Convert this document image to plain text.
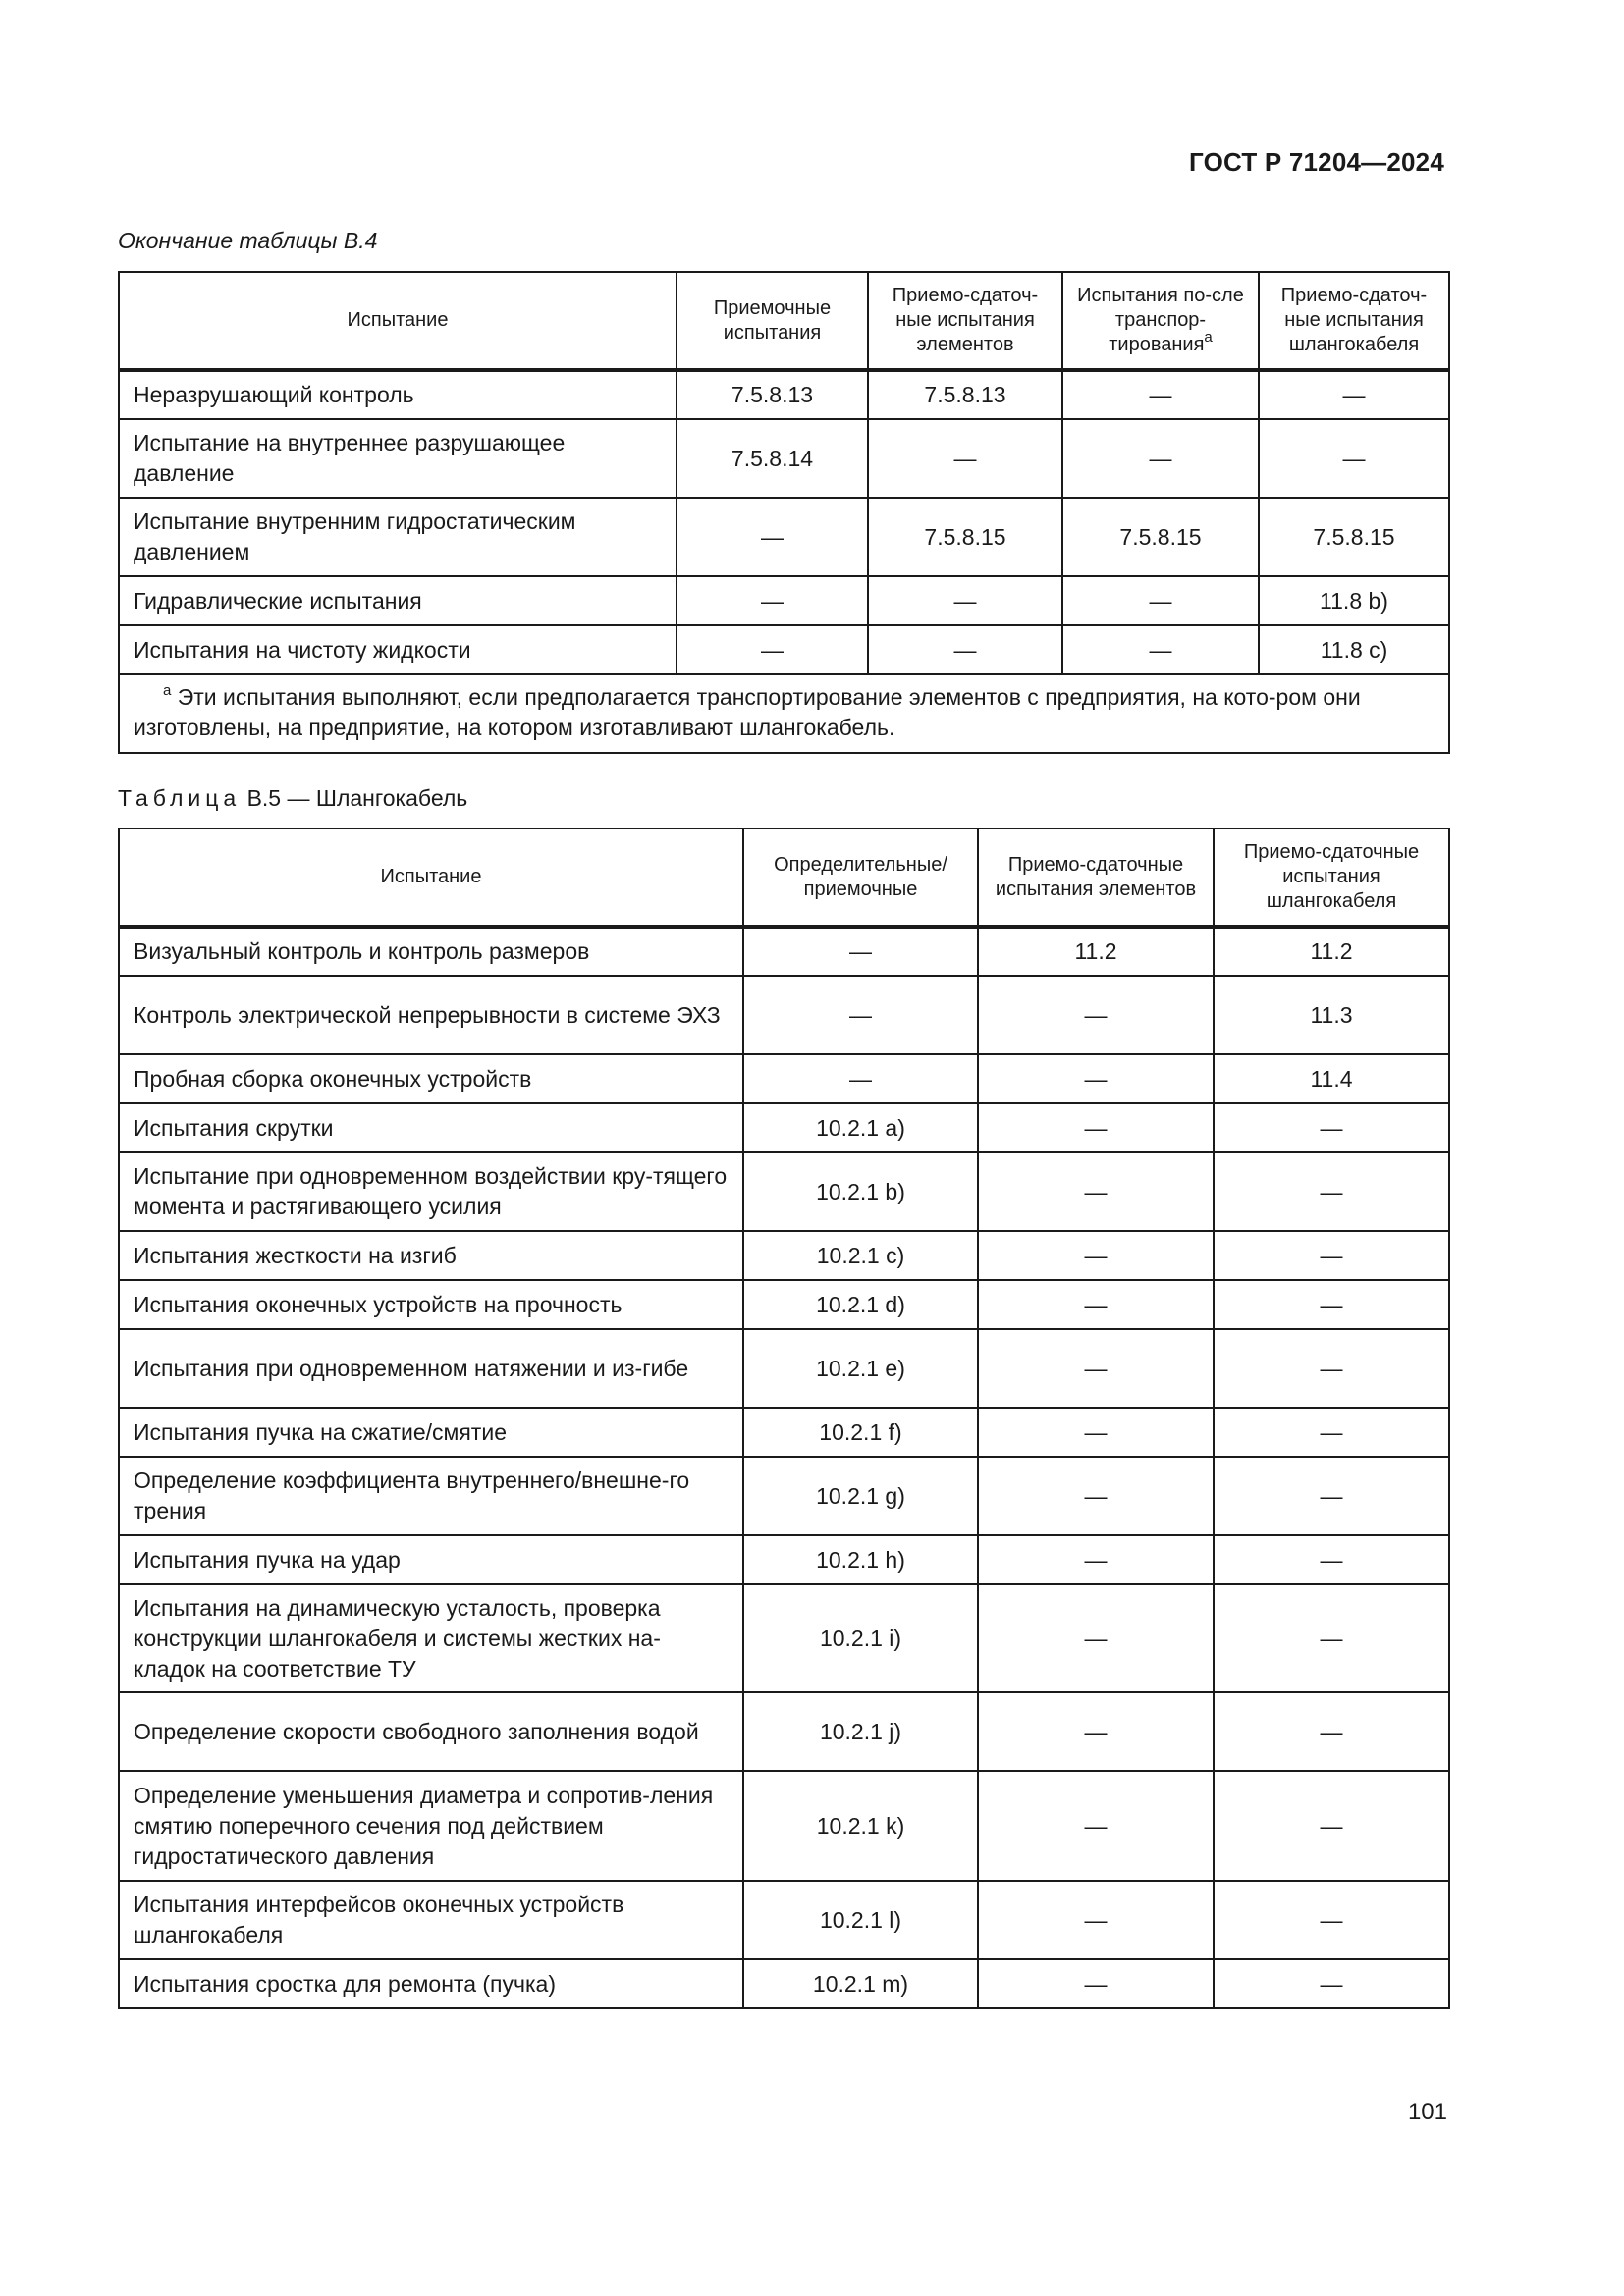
ГОСТ Р 71204—2024
Окончание таблицы В.4
Испытание	Приемочные испытания	Приемо-сдаточ-ные испытания элементов	Испытания по-сле транспор-тирования$^а$	Приемо-сдаточ-ные испытания шлангокабеля
Неразрушающий контроль	7.5.8.13	7.5.8.13	—	—
Испытание на внутреннее разрушающее давление	7.5.8.14	—	—	—
Испытание внутренним гидростатическим давлением	—	7.5.8.15	7.5.8.15	7.5.8.15
Гидравлические испытания	—	—	—	11.8 b)
Испытания на чистоту жидкости	—	—	—	11.8 c)
$^а$ Эти испытания выполняют, если предполагается транспортирование элементов с предприятия, на кото-ром они изготовлены, на предприятие, на котором изготавливают шлангокабель.				
Таблица В.5 — Шлангокабель
Испытание	Определительные/ приемочные	Приемо-сдаточные испытания элементов	Приемо-сдаточные испытания шлангокабеля
Визуальный контроль и контроль размеров	—	11.2	11.2
Контроль электрической непрерывности в системе ЭХЗ	—	—	11.3
Пробная сборка оконечных устройств	—	—	11.4
Испытания скрутки	10.2.1 a)	—	—
Испытание при одновременном воздействии кру-тящего момента и растягивающего усилия	10.2.1 b)	—	—
Испытания жесткости на изгиб	10.2.1 c)	—	—
Испытания оконечных устройств на прочность	10.2.1 d)	—	—
Испытания при одновременном натяжении и из-гибе	10.2.1 e)	—	—
Испытания пучка на сжатие/смятие	10.2.1 f)	—	—
Определение коэффициента внутреннего/внешне-го трения	10.2.1 g)	—	—
Испытания пучка на удар	10.2.1 h)	—	—
Испытания на динамическую усталость, проверка конструкции шлангокабеля и системы жестких на-кладок на соответствие ТУ	10.2.1 i)	—	—
Определение скорости свободного заполнения водой	10.2.1 j)	—	—
Определение уменьшения диаметра и сопротив-ления смятию поперечного сечения под действием гидростатического давления	10.2.1 k)	—	—
Испытания интерфейсов оконечных устройств шлангокабеля	10.2.1 l)	—	—
Испытания сростка для ремонта (пучка)	10.2.1 m)	—	—
101
